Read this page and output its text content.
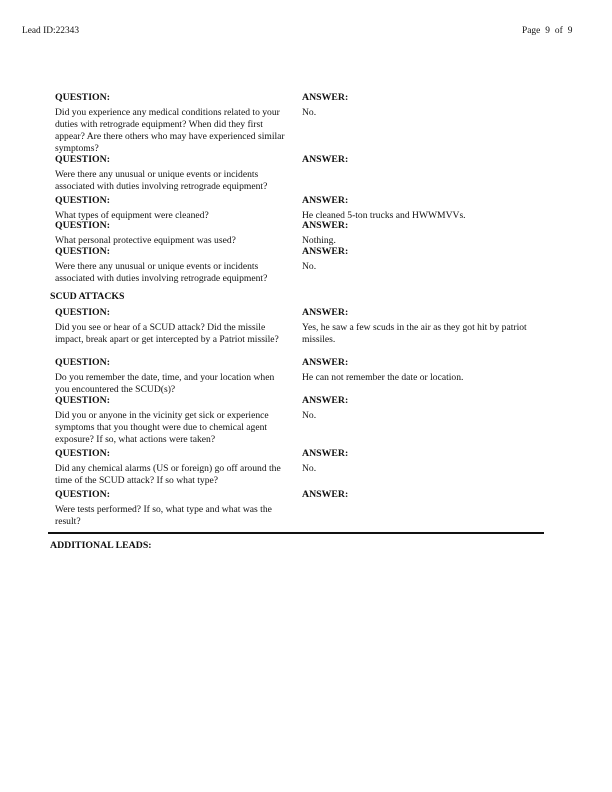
Lead ID:22343	Page 9 of 9
QUESTION:
Did you experience any medical conditions related to your duties with retrograde equipment? When did they first appear? Are there others who may have experienced similar symptoms?
ANSWER:
No.
QUESTION:
Were there any unusual or unique events or incidents associated with duties involving retrograde equipment?
ANSWER:
QUESTION:
What types of equipment were cleaned?
ANSWER:
He cleaned 5-ton trucks and HWWMVVs.
QUESTION:
What personal protective equipment was used?
ANSWER:
Nothing.
QUESTION:
Were there any unusual or unique events or incidents associated with duties involving retrograde equipment?
ANSWER:
No.
QUESTION:
Did you see or hear of a SCUD attack? Did the missile impact, break apart or get intercepted by a Patriot missile?
ANSWER:
Yes, he saw a few scuds in the air as they got hit by patriot missiles.
QUESTION:
Do you remember the date, time, and your location when you encountered the SCUD(s)?
ANSWER:
He can not remember the date or location.
QUESTION:
Did you or anyone in the vicinity get sick or experience symptoms that you thought were due to chemical agent exposure? If so, what actions were taken?
ANSWER:
No.
QUESTION:
Did any chemical alarms (US or foreign) go off around the time of the SCUD attack? If so what type?
ANSWER:
No.
QUESTION:
Were tests performed? If so, what type and what was the result?
ANSWER:
SCUD ATTACKS
ADDITIONAL LEADS:
